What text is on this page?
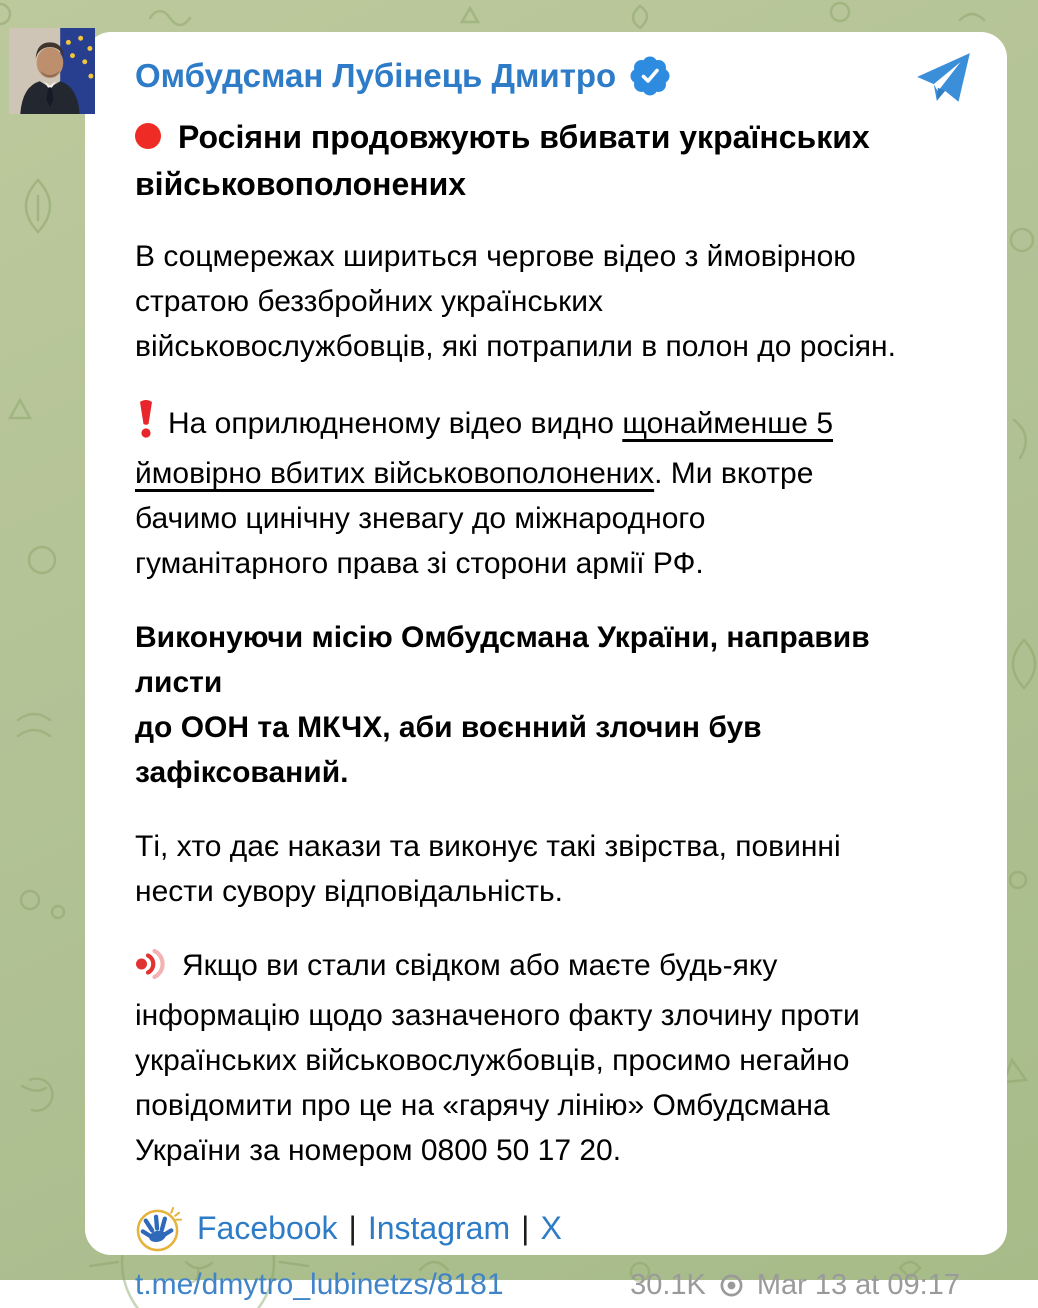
Омбудсман Лубінець Дмитро
Росіяни продовжують вбивати українських
військовополонених
В соцмережах шириться чергове відео з ймовірною
стратою беззбройних українських
військовослужбовців, які потрапили в полон до росіян.
На оприлюдненому відео видно щонайменше 5
ймовірно вбитих військовополонених. Ми вкотре
бачимо цинічну зневагу до міжнародного
гуманітарного права зі сторони армії РФ.
Виконуючи місію Омбудсмана України, направив листи
до ООН та МКЧХ, аби воєнний злочин був
зафіксований.
Ті, хто дає накази та виконує такі звірства, повинні
нести сувору відповідальність.
Якщо ви стали свідком або маєте будь-яку
інформацію щодо зазначеного факту злочину проти
українських військовослужбовців, просимо негайно
повідомити про це на «гарячу лінію» Омбудсмана
України за номером 0800 50 17 20.
Facebook | Instagram | X
t.me/dmytro_lubinetzs/8181	30.1K Mar 13 at 09:17
